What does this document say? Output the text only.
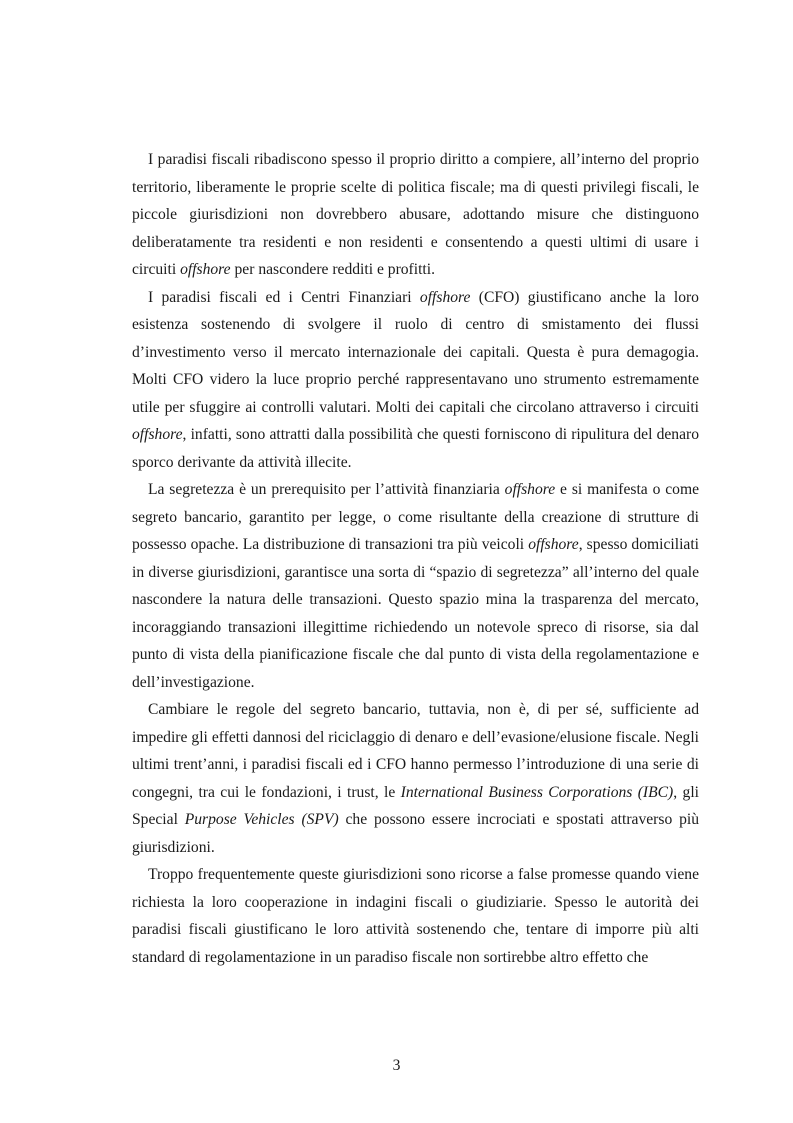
I paradisi fiscali ribadiscono spesso il proprio diritto a compiere, all’interno del proprio territorio, liberamente le proprie scelte di politica fiscale; ma di questi privilegi fiscali, le piccole giurisdizioni non dovrebbero abusare, adottando misure che distinguono deliberatamente tra residenti e non residenti e consentendo a questi ultimi di usare i circuiti offshore per nascondere redditi e profitti.

I paradisi fiscali ed i Centri Finanziari offshore (CFO) giustificano anche la loro esistenza sostenendo di svolgere il ruolo di centro di smistamento dei flussi d’investimento verso il mercato internazionale dei capitali. Questa è pura demagogia. Molti CFO videro la luce proprio perché rappresentavano uno strumento estremamente utile per sfuggire ai controlli valutari. Molti dei capitali che circolano attraverso i circuiti offshore, infatti, sono attratti dalla possibilità che questi forniscono di ripulitura del denaro sporco derivante da attività illecite.

La segretezza è un prerequisito per l’attività finanziaria offshore e si manifesta o come segreto bancario, garantito per legge, o come risultante della creazione di strutture di possesso opache. La distribuzione di transazioni tra più veicoli offshore, spesso domiciliati in diverse giurisdizioni, garantisce una sorta di “spazio di segretezza” all’interno del quale nascondere la natura delle transazioni. Questo spazio mina la trasparenza del mercato, incoraggiando transazioni illegittime richiedendo un notevole spreco di risorse, sia dal punto di vista della pianificazione fiscale che dal punto di vista della regolamentazione e dell’investigazione.

Cambiare le regole del segreto bancario, tuttavia, non è, di per sé, sufficiente ad impedire gli effetti dannosi del riciclaggio di denaro e dell’evasione/elusione fiscale. Negli ultimi trent’anni, i paradisi fiscali ed i CFO hanno permesso l’introduzione di una serie di congegni, tra cui le fondazioni, i trust, le International Business Corporations (IBC), gli Special Purpose Vehicles (SPV) che possono essere incrociati e spostati attraverso più giurisdizioni.

Troppo frequentemente queste giurisdizioni sono ricorse a false promesse quando viene richiesta la loro cooperazione in indagini fiscali o giudiziarie. Spesso le autorità dei paradisi fiscali giustificano le loro attività sostenendo che, tentare di imporre più alti standard di regolamentazione in un paradiso fiscale non sortirebbe altro effetto che

3
